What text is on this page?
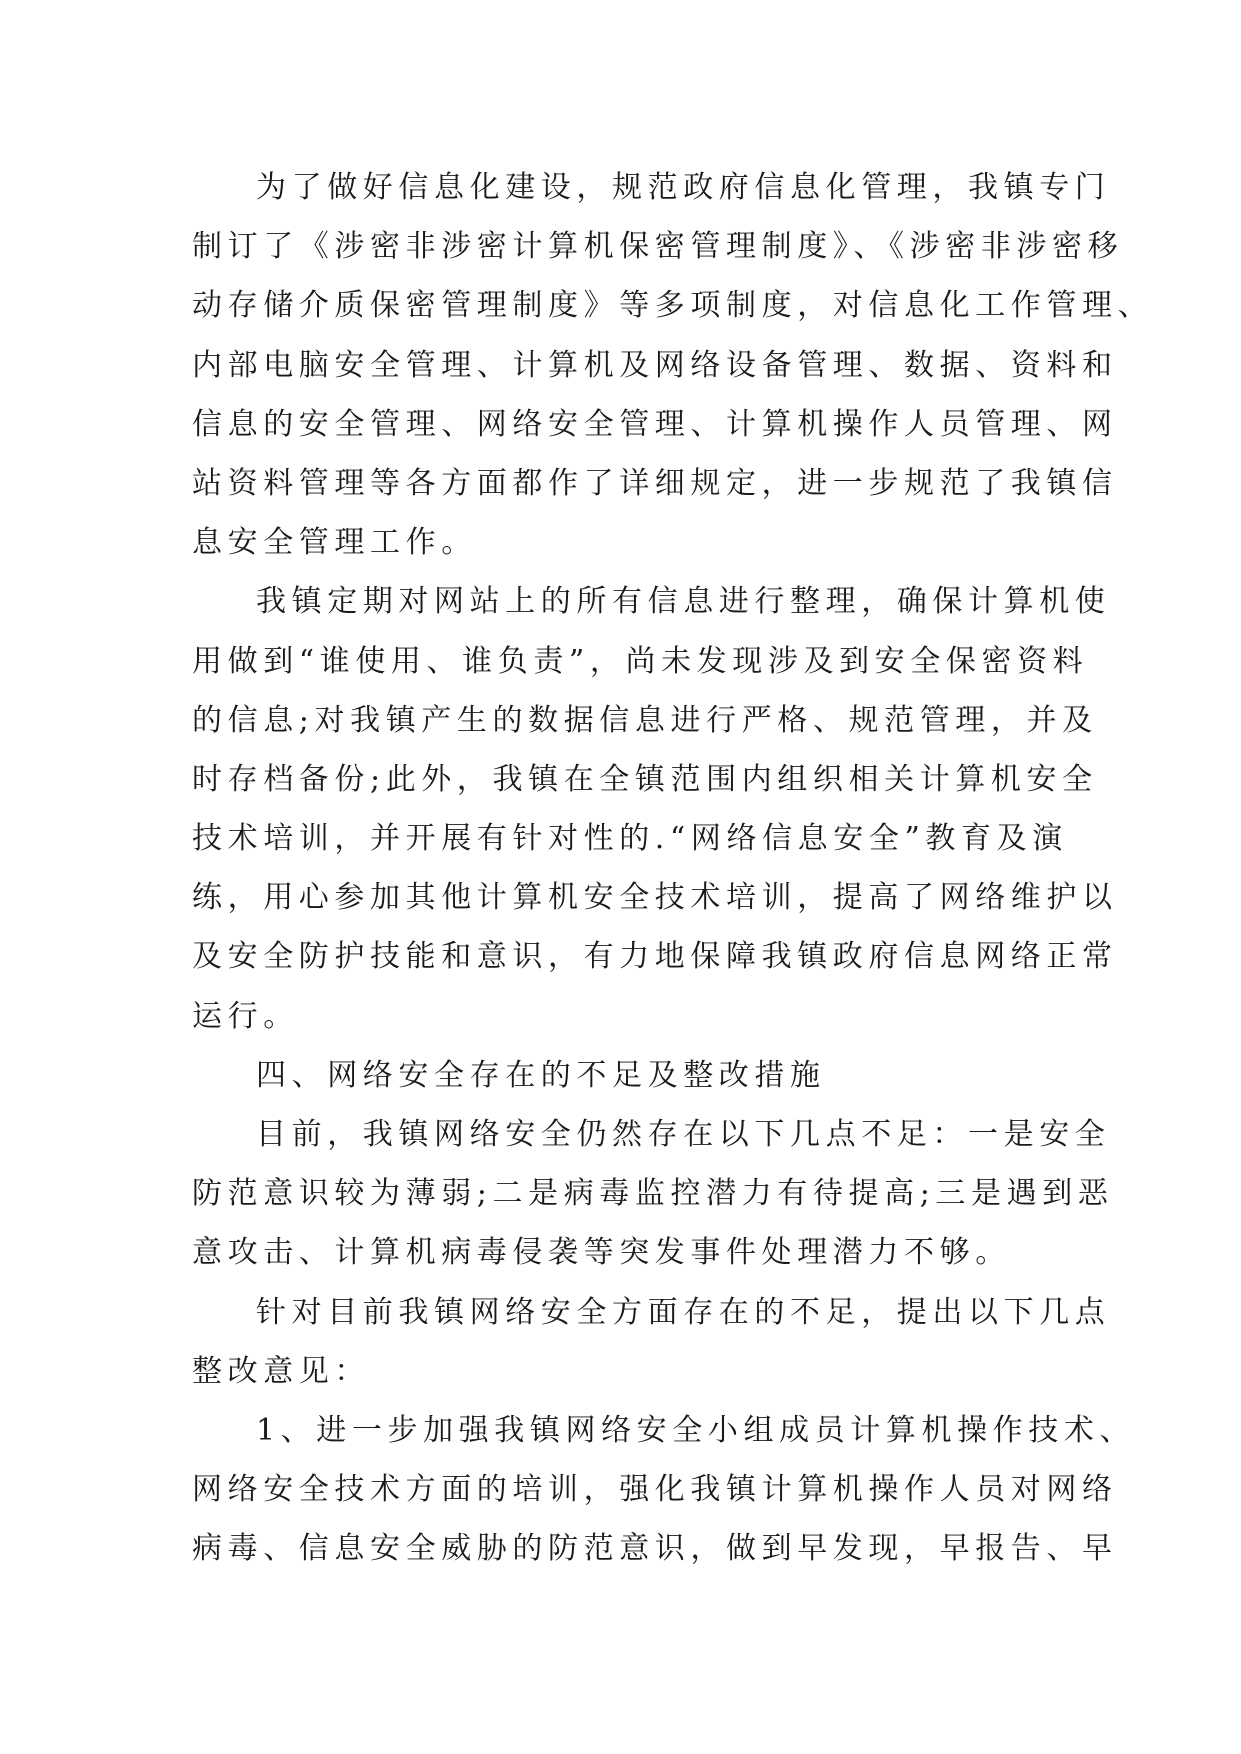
为了做好信息化建设，规范政府信息化管理，我镇专门
制订了《涉密非涉密计算机保密管理制度》、《涉密非涉密移
动存储介质保密管理制度》等多项制度，对信息化工作管理、
内部电脑安全管理、计算机及网络设备管理、数据、资料和
信息的安全管理、网络安全管理、计算机操作人员管理、网
站资料管理等各方面都作了详细规定，进一步规范了我镇信
息安全管理工作。
我镇定期对网站上的所有信息进行整理，确保计算机使
用做到“谁使用、谁负责”，尚未发现涉及到安全保密资料
的信息;对我镇产生的数据信息进行严格、规范管理，并及
时存档备份;此外，我镇在全镇范围内组织相关计算机安全
技术培训，并开展有针对性的.“网络信息安全”教育及演
练，用心参加其他计算机安全技术培训，提高了网络维护以
及安全防护技能和意识，有力地保障我镇政府信息网络正常
运行。
四、网络安全存在的不足及整改措施
目前，我镇网络安全仍然存在以下几点不足：一是安全
防范意识较为薄弱;二是病毒监控潜力有待提高;三是遇到恶
意攻击、计算机病毒侵袭等突发事件处理潜力不够。
针对目前我镇网络安全方面存在的不足，提出以下几点
整改意见：
1、进一步加强我镇网络安全小组成员计算机操作技术、
网络安全技术方面的培训，强化我镇计算机操作人员对网络
病毒、信息安全威胁的防范意识，做到早发现，早报告、早
